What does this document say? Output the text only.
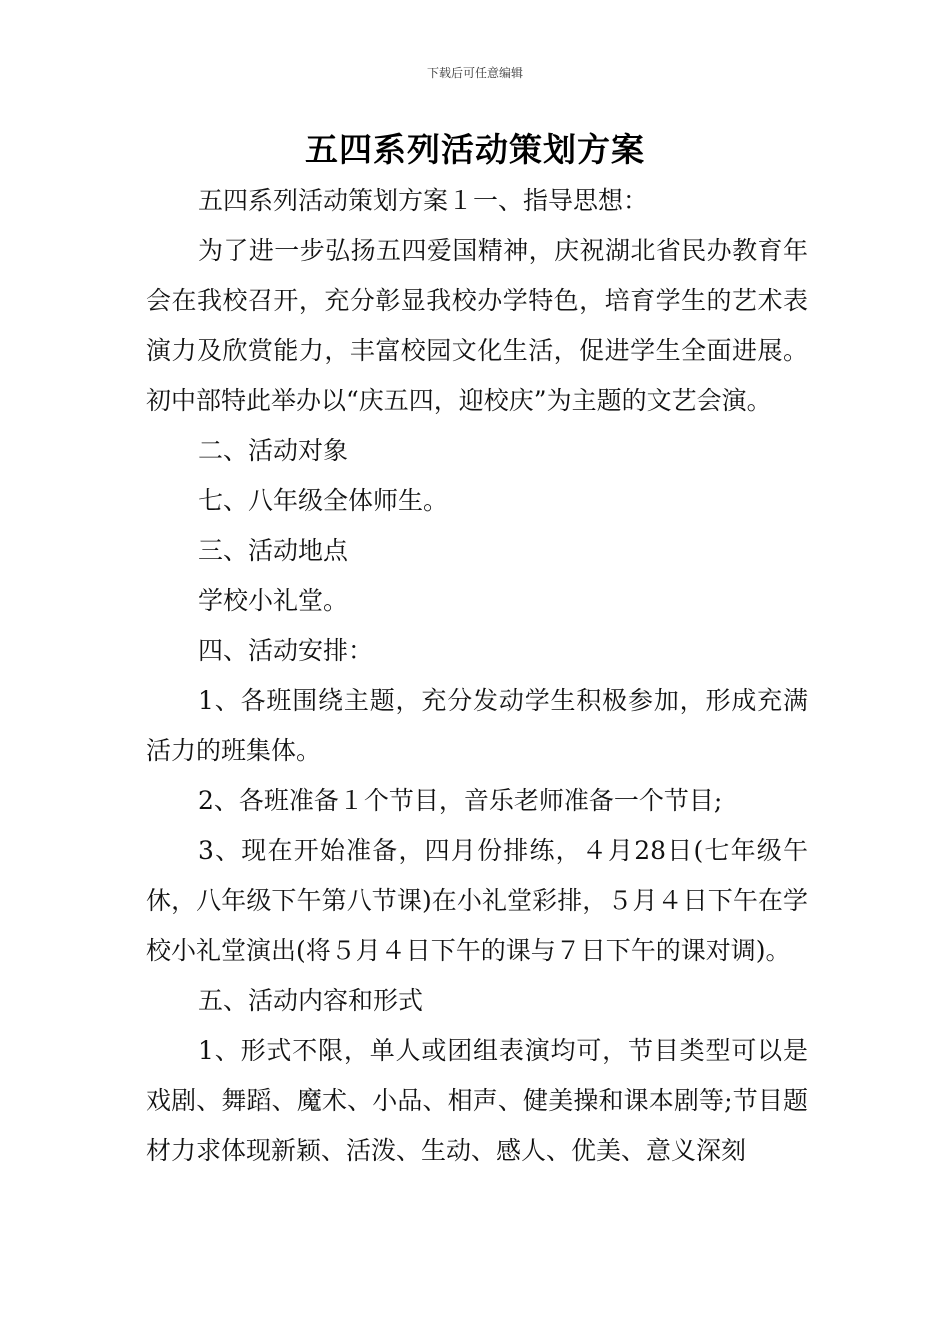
下载后可任意编辑
五四系列活动策划方案

五四系列活动策划方案１一、指导思想：

为了进一步弘扬五四爱国精神，庆祝湖北省民办教育年会在我校召开，充分彰显我校办学特色，培育学生的艺术表演力及欣赏能力，丰富校园文化生活，促进学生全面进展。初中部特此举办以“庆五四，迎校庆”为主题的文艺会演。

二、活动对象

七、八年级全体师生。

三、活动地点

学校小礼堂。

四、活动安排：

1、各班围绕主题，充分发动学生积极参加，形成充满活力的班集体。

2、各班准备１个节目，音乐老师准备一个节目;

3、现在开始准备，四月份排练，４月28日(七年级午休，八年级下午第八节课)在小礼堂彩排，５月４日下午在学校小礼堂演出(将５月４日下午的课与７日下午的课对调)。

五、活动内容和形式

1、形式不限，单人或团组表演均可，节目类型可以是戏剧、舞蹈、魔术、小品、相声、健美操和课本剧等;节目题材力求体现新颖、活泼、生动、感人、优美、意义深刻
